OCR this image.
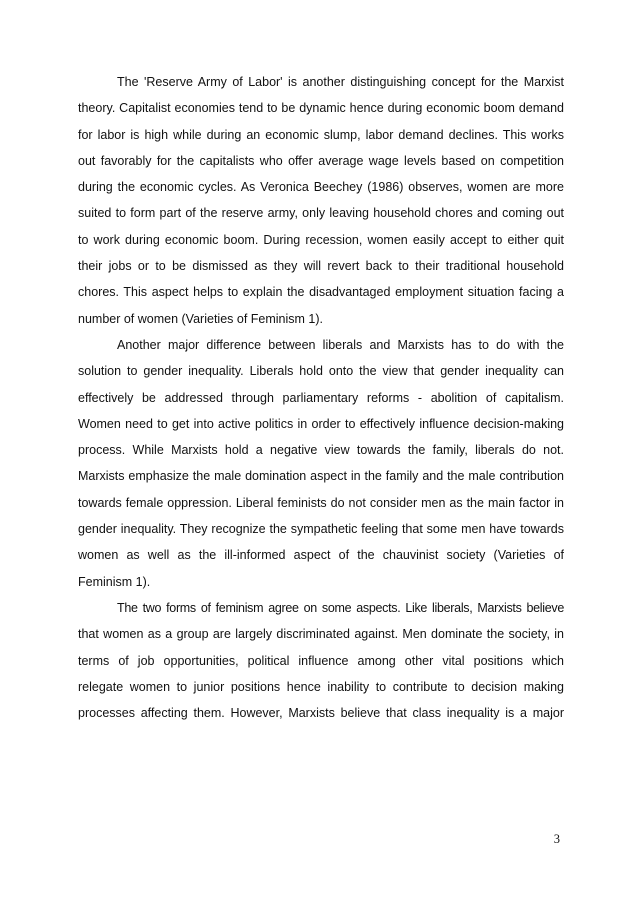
The 'Reserve Army of Labor' is another distinguishing concept for the Marxist
theory. Capitalist economies tend to be dynamic hence during economic boom demand
for labor is high while during an economic slump, labor demand declines. This works
out favorably for the capitalists who offer average wage levels based on competition
during the economic cycles. As Veronica Beechey (1986) observes, women are more
suited to form part of the reserve army, only leaving household chores and coming out
to work during economic boom. During recession, women easily accept to either quit
their jobs or to be dismissed as they will revert back to their traditional household
chores. This aspect helps to explain the disadvantaged employment situation facing a
number of women (Varieties of Feminism 1).
Another major difference between liberals and Marxists has to do with the
solution to gender inequality. Liberals hold onto the view that gender inequality can
effectively be addressed through parliamentary reforms - abolition of capitalism.
Women need to get into active politics in order to effectively influence decision-making
process. While Marxists hold a negative view towards the family, liberals do not.
Marxists emphasize the male domination aspect in the family and the male contribution
towards female oppression. Liberal feminists do not consider men as the main factor in
gender inequality. They recognize the sympathetic feeling that some men have towards
women as well as the ill-informed aspect of the chauvinist society (Varieties of
Feminism 1).
The two forms of feminism agree on some aspects. Like liberals, Marxists believe
that women as a group are largely discriminated against. Men dominate the society, in
terms of job opportunities, political influence among other vital positions which
relegate women to junior positions hence inability to contribute to decision making
processes affecting them. However, Marxists believe that class inequality is a major
3
